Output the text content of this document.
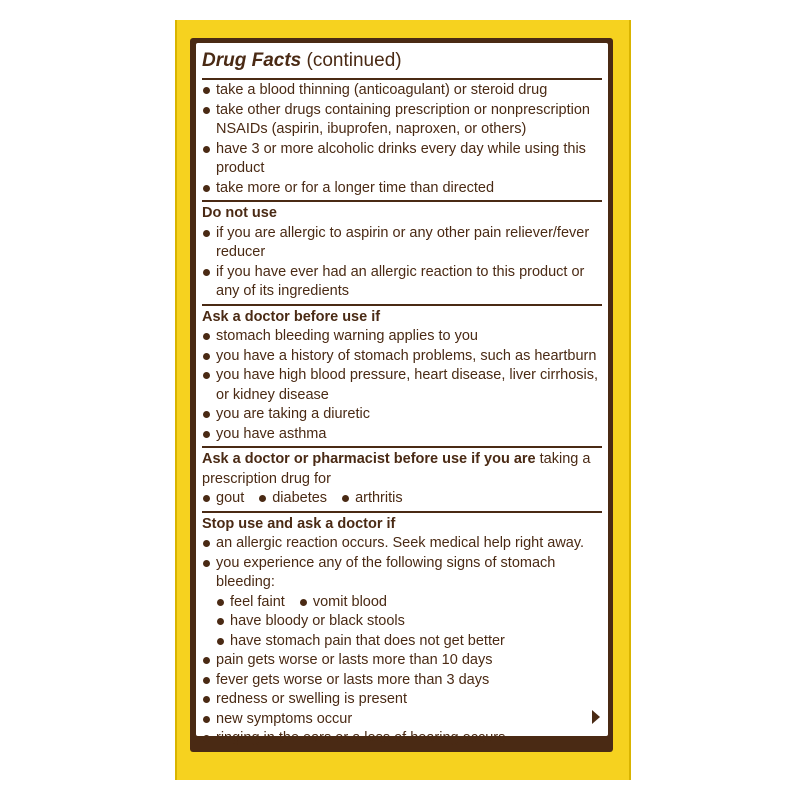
Drug Facts (continued)
take a blood thinning (anticoagulant) or steroid drug
take other drugs containing prescription or nonprescription NSAIDs (aspirin, ibuprofen, naproxen, or others)
have 3 or more alcoholic drinks every day while using this product
take more or for a longer time than directed
Do not use
if you are allergic to aspirin or any other pain reliever/fever reducer
if you have ever had an allergic reaction to this product or any of its ingredients
Ask a doctor before use if
stomach bleeding warning applies to you
you have a history of stomach problems, such as heartburn
you have high blood pressure, heart disease, liver cirrhosis, or kidney disease
you are taking a diuretic
you have asthma
Ask a doctor or pharmacist before use if you are taking a prescription drug for
gout	diabetes	arthritis
Stop use and ask a doctor if
an allergic reaction occurs. Seek medical help right away.
you experience any of the following signs of stomach bleeding:
feel faint	vomit blood
have bloody or black stools
have stomach pain that does not get better
pain gets worse or lasts more than 10 days
fever gets worse or lasts more than 3 days
redness or swelling is present
new symptoms occur
ringing in the ears or a loss of hearing occurs
